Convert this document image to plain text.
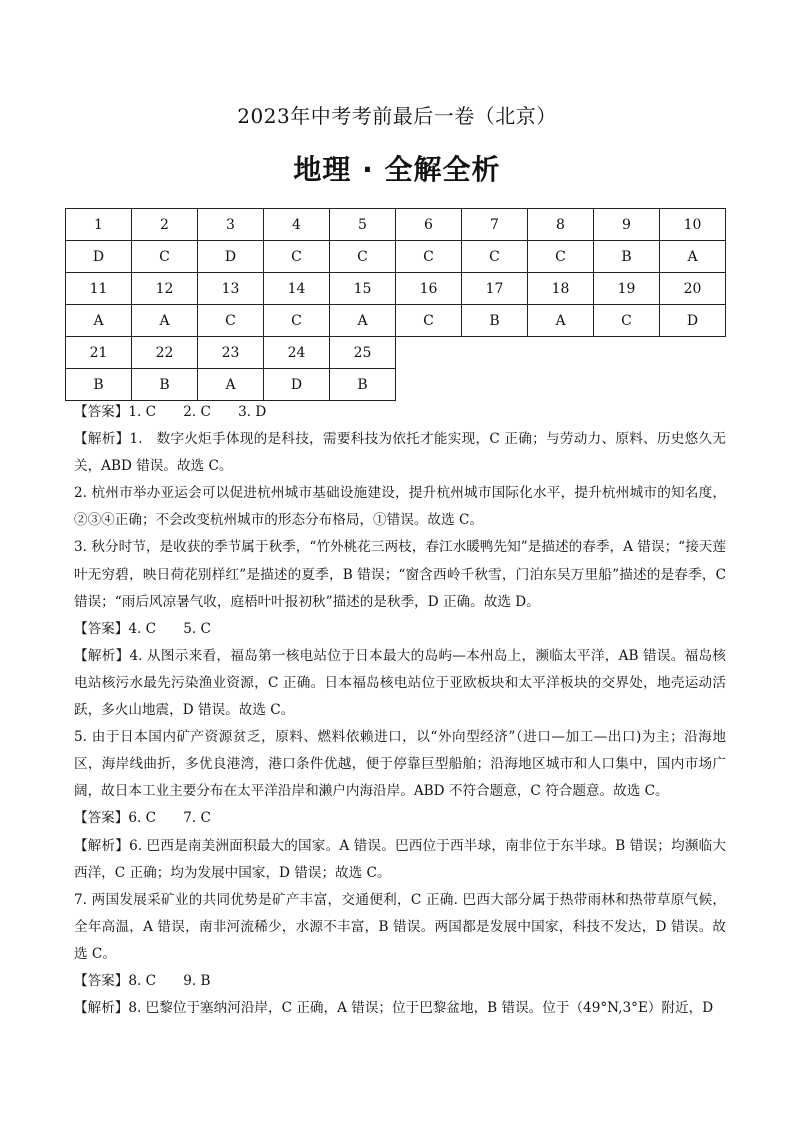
2023年中考考前最后一卷（北京）
地理 · 全解全析
1	2	3	4	5	6	7	8	9	10
D	C	D	C	C	C	C	C	B	A
11	12	13	14	15	16	17	18	19	20
A	A	C	C	A	C	B	A	C	D
21	22	23	24	25					
B	B	A	D	B					

【答案】1. C　　2. C　　3. D

【解析】1.　数字火炬手体现的是科技，需要科技为依托才能实现，C 正确；与劳动力、原料、历史悠久无关，ABD 错误。故选 C。

2. 杭州市举办亚运会可以促进杭州城市基础设施建设，提升杭州城市国际化水平，提升杭州城市的知名度，②③④正确；不会改变杭州城市的形态分布格局，①错误。故选 C。

3. 秋分时节，是收获的季节属于秋季，“竹外桃花三两枝，春江水暖鸭先知”是描述的春季，A 错误；“接天莲叶无穷碧，映日荷花别样红”是描述的夏季，B 错误；“窗含西岭千秋雪，门泊东吴万里船”描述的是春季，C 错误；“雨后风凉暑气收，庭梧叶叶报初秋”描述的是秋季，D 正确。故选 D。

【答案】4. C　　5. C

【解析】4. 从图示来看，福岛第一核电站位于日本最大的岛屿—本州岛上，濒临太平洋，AB 错误。福岛核电站核污水最先污染渔业资源，C 正确。日本福岛核电站位于亚欧板块和太平洋板块的交界处，地壳运动活跃，多火山地震，D 错误。故选 C。

5. 由于日本国内矿产资源贫乏，原料、燃料依赖进口，以“外向型经济”（进口—加工—出口)为主；沿海地区，海岸线曲折，多优良港湾，港口条件优越，便于停靠巨型船舶；沿海地区城市和人口集中，国内市场广阔，故日本工业主要分布在太平洋沿岸和濑户内海沿岸。ABD 不符合题意，C 符合题意。故选 C。

【答案】6. C　　7. C

【解析】6. 巴西是南美洲面积最大的国家。A 错误。巴西位于西半球，南非位于东半球。B 错误；均濒临大西洋，C 正确；均为发展中国家，D 错误；故选 C。

7. 两国发展采矿业的共同优势是矿产丰富，交通便利，C 正确. 巴西大部分属于热带雨林和热带草原气候，全年高温，A 错误，南非河流稀少，水源不丰富，B 错误。两国都是发展中国家，科技不发达，D 错误。故选 C。

【答案】8. C　　9. B

【解析】8. 巴黎位于塞纳河沿岸，C 正确，A 错误；位于巴黎盆地，B 错误。位于（49°N,3°E）附近，D
